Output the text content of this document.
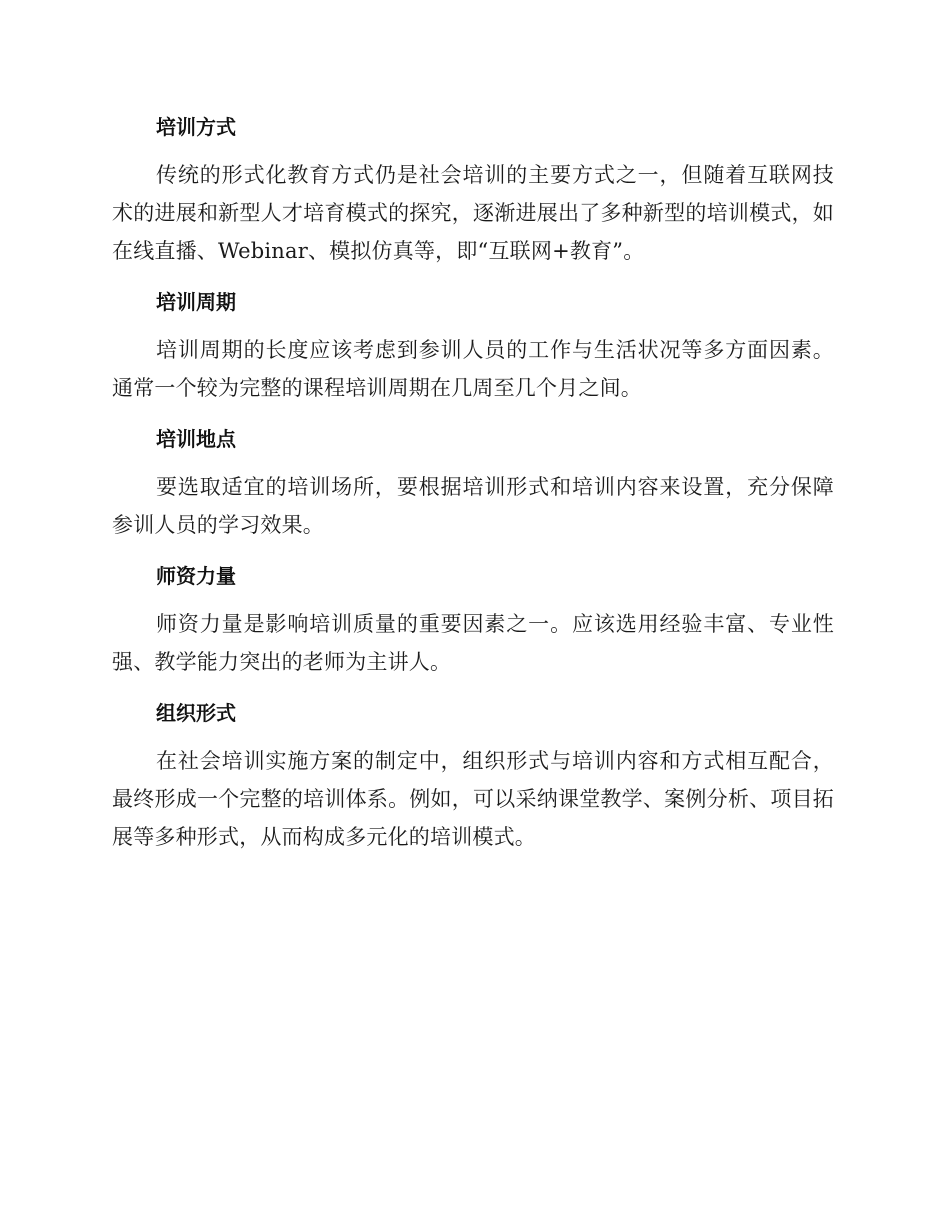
培训方式
传统的形式化教育方式仍是社会培训的主要方式之一，但随着互联网技术的进展和新型人才培育模式的探究，逐渐进展出了多种新型的培训模式，如在线直播、Webinar、模拟仿真等，即“互联网+教育”。
培训周期
培训周期的长度应该考虑到参训人员的工作与生活状况等多方面因素。通常一个较为完整的课程培训周期在几周至几个月之间。
培训地点
要选取适宜的培训场所，要根据培训形式和培训内容来设置，充分保障参训人员的学习效果。
师资力量
师资力量是影响培训质量的重要因素之一。应该选用经验丰富、专业性强、教学能力突出的老师为主讲人。
组织形式
在社会培训实施方案的制定中，组织形式与培训内容和方式相互配合，最终形成一个完整的培训体系。例如，可以采纳课堂教学、案例分析、项目拓展等多种形式，从而构成多元化的培训模式。
